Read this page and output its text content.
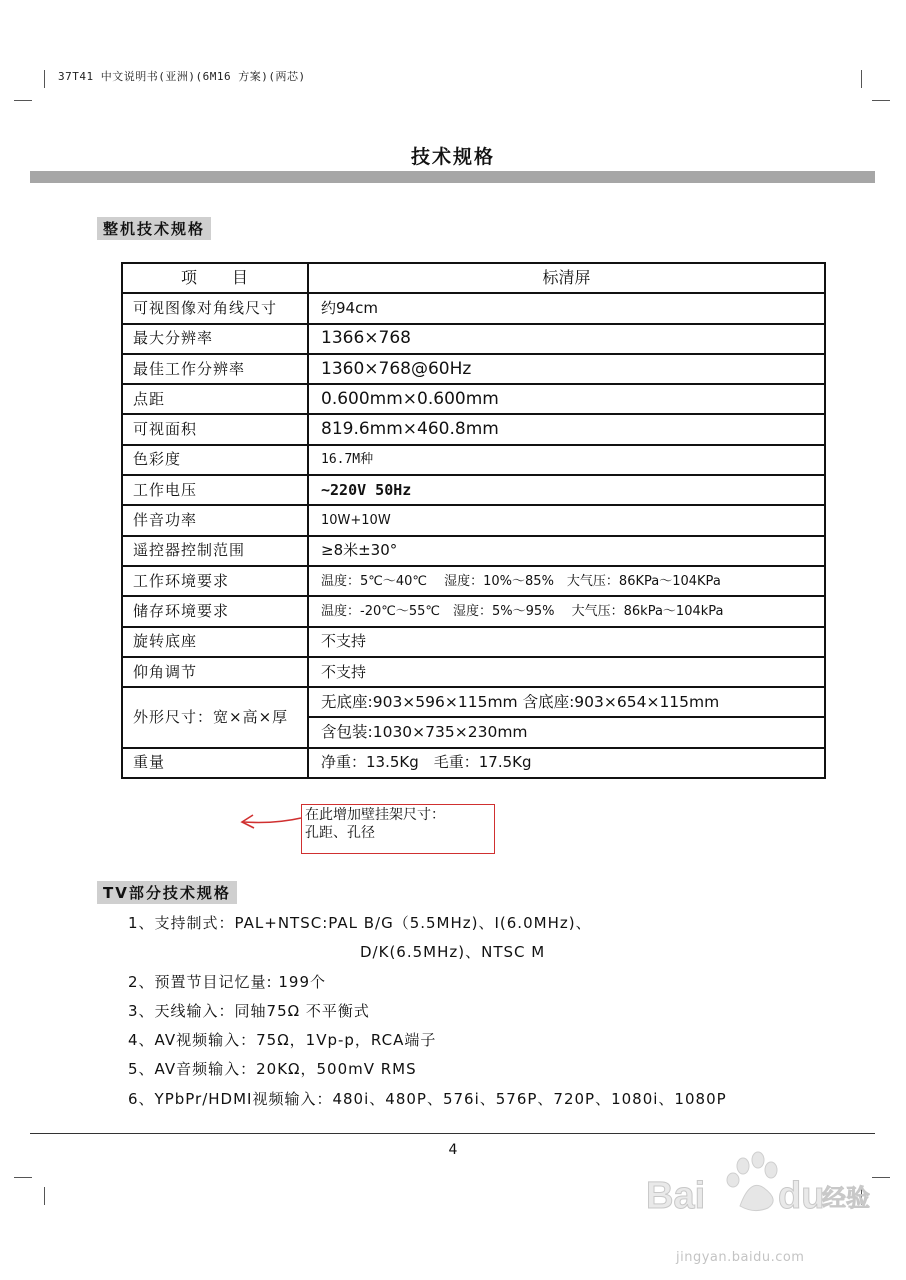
37T41 中文说明书(亚洲)(6M16 方案)(两芯)
技术规格
整机技术规格
项　　目	标清屏
可视图像对角线尺寸	约94cm
最大分辨率	1366×768
最佳工作分辨率	1360×768@60Hz
点距	0.600mm×0.600mm
可视面积	819.6mm×460.8mm
色彩度	16.7M种
工作电压	~220V 50Hz
伴音功率	10W+10W
遥控器控制范围	≥8米±30°
工作环境要求	温度：5℃～40℃　 湿度：10%～85%　大气压：86KPa～104KPa
储存环境要求	温度：-20℃～55℃　湿度：5%～95%　 大气压：86kPa～104kPa
旋转底座	不支持
仰角调节	不支持
外形尺寸：宽×高×厚	无底座:903×596×115mm 含底座:903×654×115mm
	含包装:1030×735×230mm
重量	净重：13.5Kg　毛重：17.5Kg
在此增加壁挂架尺寸：
孔距、孔径
TV部分技术规格
1、支持制式：PAL+NTSC:PAL B/G（5.5MHz)、I(6.0MHz)、
D/K(6.5MHz)、NTSC M
2、预置节目记忆量: 199个
3、天线输入：同轴75Ω 不平衡式
4、AV视频输入：75Ω，1Vp-p，RCA端子
5、AV音频输入：20KΩ，500mV RMS
6、YPbPr/HDMI视频输入：480i、480P、576i、576P、720P、1080i、1080P
4
Bai du
经验
jingyan.baidu.com
